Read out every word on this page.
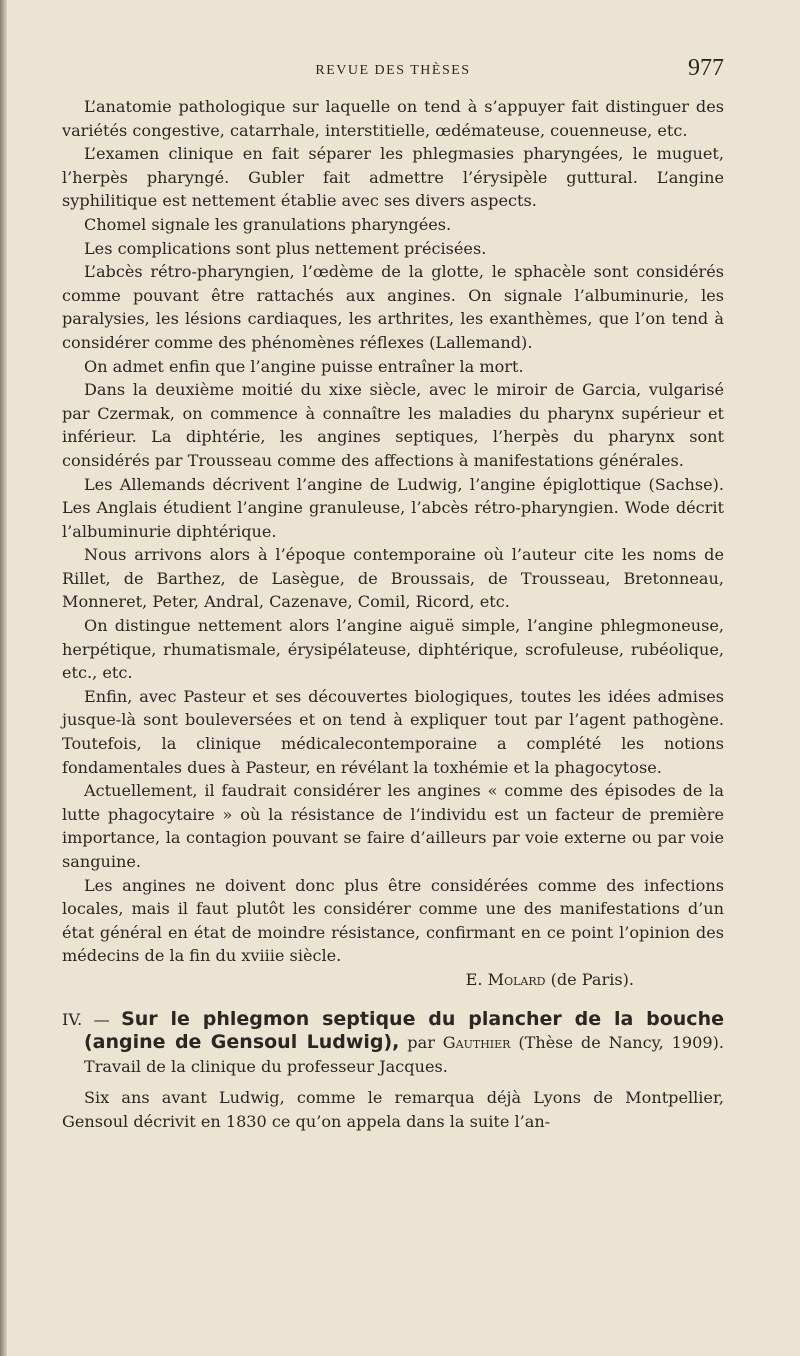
REVUE DES THÈSES	977

L’anatomie pathologique sur laquelle on tend à s’appuyer fait distinguer des variétés congestive, catarrhale, interstitielle, œdémateuse, couenneuse, etc.

L’examen clinique en fait séparer les phlegmasies pharyngées, le muguet, l’herpès pharyngé. Gubler fait admettre l’érysipèle guttural. L’angine syphilitique est nettement établie avec ses divers aspects.

Chomel signale les granulations pharyngées.

Les complications sont plus nettement précisées.

L’abcès rétro-pharyngien, l’œdème de la glotte, le sphacèle sont considérés comme pouvant être rattachés aux angines. On signale l’albuminurie, les paralysies, les lésions cardiaques, les arthrites, les exanthèmes, que l’on tend à considérer comme des phénomènes réflexes (Lallemand).

On admet enfin que l’angine puisse entraîner la mort.

Dans la deuxième moitié du xixe siècle, avec le miroir de Garcia, vulgarisé par Czermak, on commence à connaître les maladies du pharynx supérieur et inférieur. La diphtérie, les angines septiques, l’herpès du pharynx sont considérés par Trousseau comme des affections à manifestations générales.

Les Allemands décrivent l’angine de Ludwig, l’angine épiglottique (Sachse). Les Anglais étudient l’angine granuleuse, l’abcès rétro-pharyngien. Wode décrit l’albuminurie diphtérique.

Nous arrivons alors à l’époque contemporaine où l’auteur cite les noms de Rillet, de Barthez, de Lasègue, de Broussais, de Trousseau, Bretonneau, Monneret, Peter, Andral, Cazenave, Comil, Ricord, etc.

On distingue nettement alors l’angine aiguë simple, l’angine phlegmoneuse, herpétique, rhumatismale, érysipélateuse, diphtérique, scrofuleuse, rubéolique, etc., etc.

Enfin, avec Pasteur et ses découvertes biologiques, toutes les idées admises jusque-là sont bouleversées et on tend à expliquer tout par l’agent pathogène. Toutefois, la clinique médicalecontemporaine a complété les notions fondamentales dues à Pasteur, en révélant la toxhémie et la phagocytose.

Actuellement, il faudrait considérer les angines « comme des épisodes de la lutte phagocytaire » où la résistance de l’individu est un facteur de première importance, la contagion pouvant se faire d’ailleurs par voie externe ou par voie sanguine.

Les angines ne doivent donc plus être considérées comme des infections locales, mais il faut plutôt les considérer comme une des manifestations d’un état général en état de moindre résistance, confirmant en ce point l’opinion des médecins de la fin du xviiie siècle.

E. Molard (de Paris).

IV. — Sur le phlegmon septique du plancher de la bouche (angine de Gensoul Ludwig), par Gauthier (Thèse de Nancy, 1909). Travail de la clinique du professeur Jacques.

Six ans avant Ludwig, comme le remarqua déjà Lyons de Montpellier, Gensoul décrivit en 1830 ce qu’on appela dans la suite l’an-
